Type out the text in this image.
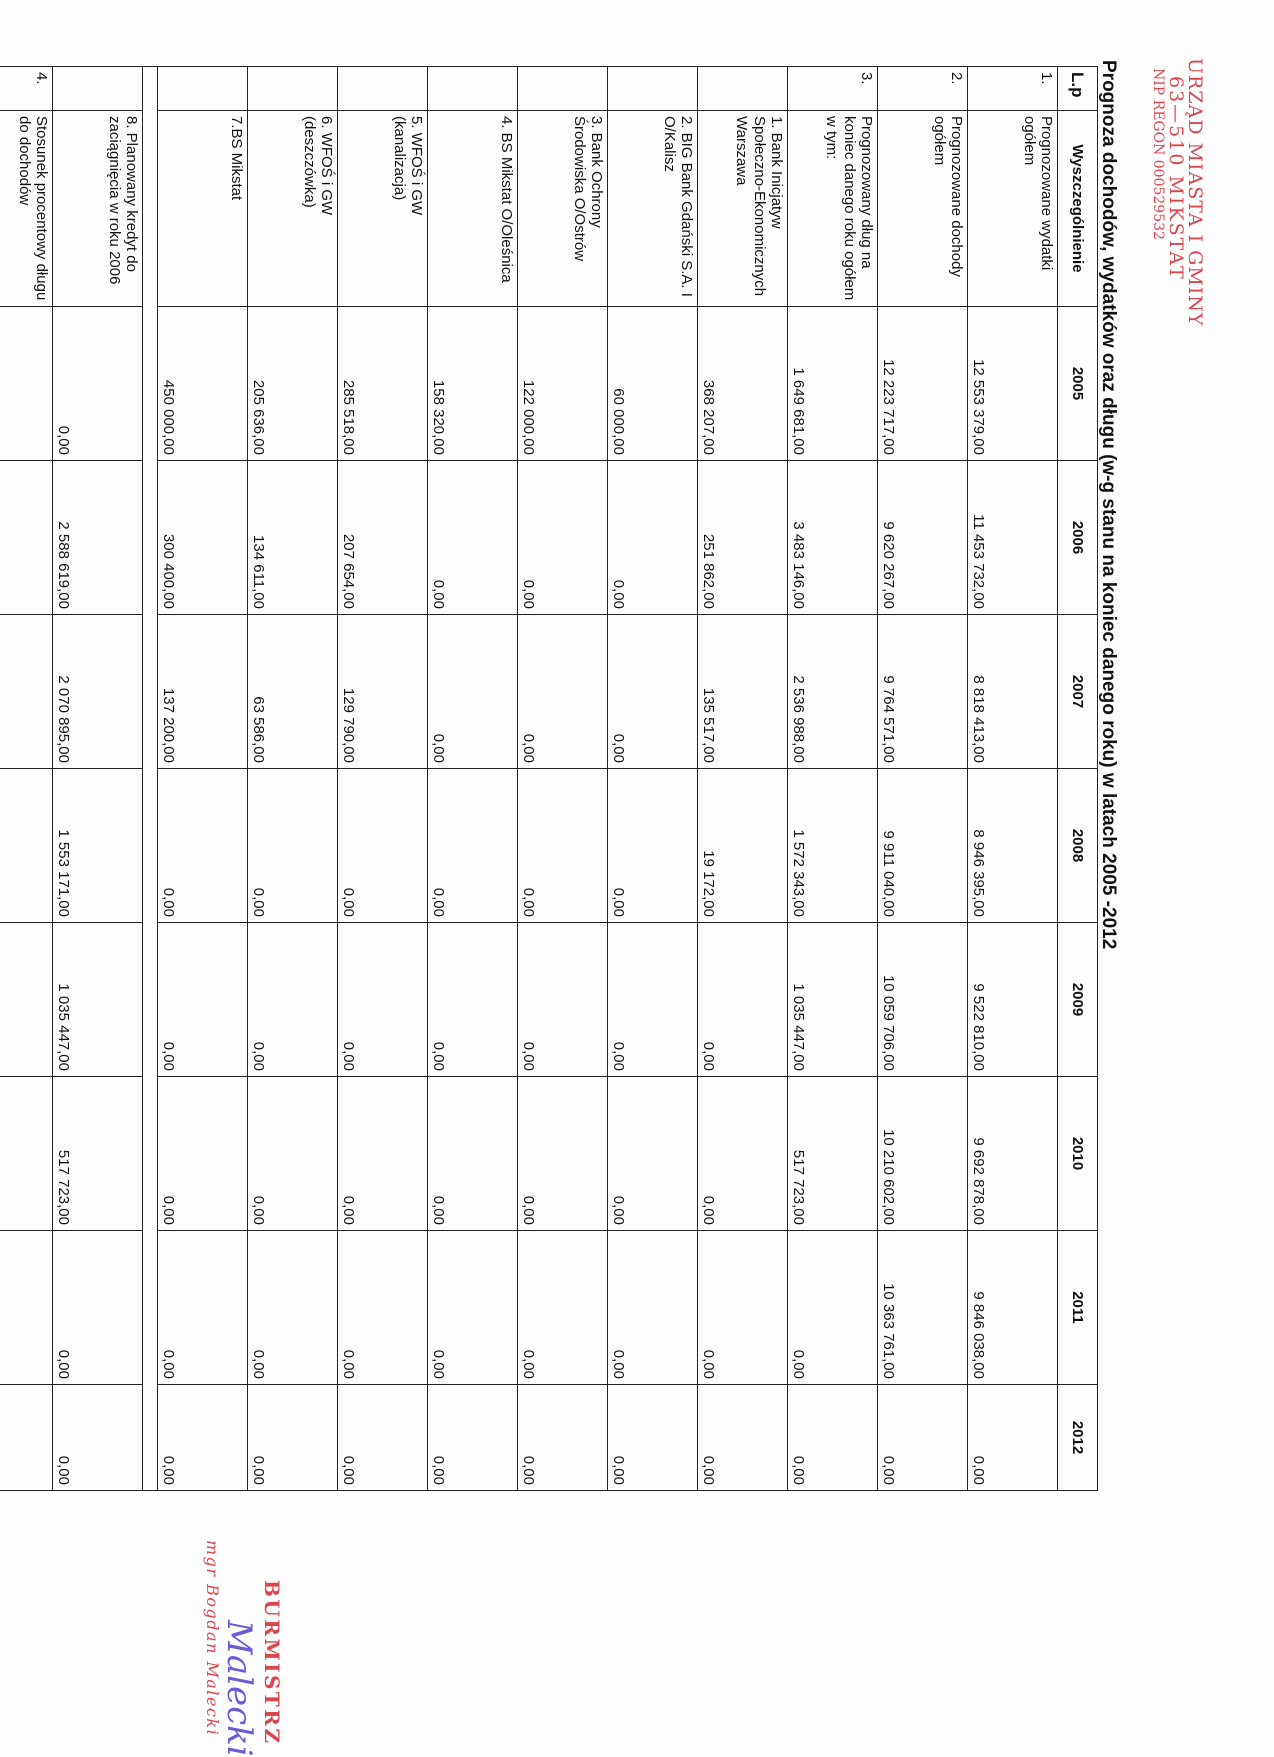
URZĄD MIASTA I GMINY
63—510 MIKSTAT
NIP REGON 000529532
Prognoza dochodów, wydatków oraz długu (w-g stanu na koniec danego roku) w latach 2005 -2012
L.p	Wyszczególnienie	2005	2006	2007	2008	2009	2010	2011	2012
1.	Prognozowane wydatki ogółem	12 553 379,00	11 453 732,00	8 818 413,00	8 946 395,00	9 522 810,00	9 692 878,00	9 846 038,00	0,00
2.	Prognozowane dochody ogółem	12 223 717,00	9 620 267,00	9 764 571,00	9 911 040,00	10 059 706,00	10 210 602,00	10 363 761,00	0,00
3.	Prognozowany dług na koniec danego roku ogółem w tym:	1 649 681,00	3 483 146,00	2 536 988,00	1 572 343,00	1 035 447,00	517 723,00	0,00	0,00
	1. Bank Inicjatyw Społeczno-Ekonomicznych Warszawa	368 207,00	251 862,00	135 517,00	19 172,00	0,00	0,00	0,00	0,00
	2. BIG Bank Gdański S.A. I O/Kalisz	60 000,00	0,00	0,00	0,00	0,00	0,00	0,00	0,00
	3. Bank Ochrony Środowiska O/Ostrów	122 000,00	0,00	0,00	0,00	0,00	0,00	0,00	0,00
	4. BS Mikstat O/Oleśnica	158 320,00	0,00	0,00	0,00	0,00	0,00	0,00	0,00
	5. WFOŚ i GW (kanalizacja)	285 518,00	207 654,00	129 790,00	0,00	0,00	0,00	0,00	0,00
	6. WFOŚ i GW (deszczówka)	205 636,00	134 611,00	63 586,00	0,00	0,00	0,00	0,00	0,00
	7.BS Mikstat	450 000,00	300 400,00	137 200,00	0,00	0,00	0,00	0,00	0,00

	8. Planowany kredyt do zaciągnięcia w roku 2006	0,00	2 588 619,00	2 070 895,00	1 553 171,00	1 035 447,00	517 723,00	0,00	0,00
4.	Stosunek procentowy długu do dochodów								
BURMISTRZ
Malecki
mgr Bogdan Malecki
